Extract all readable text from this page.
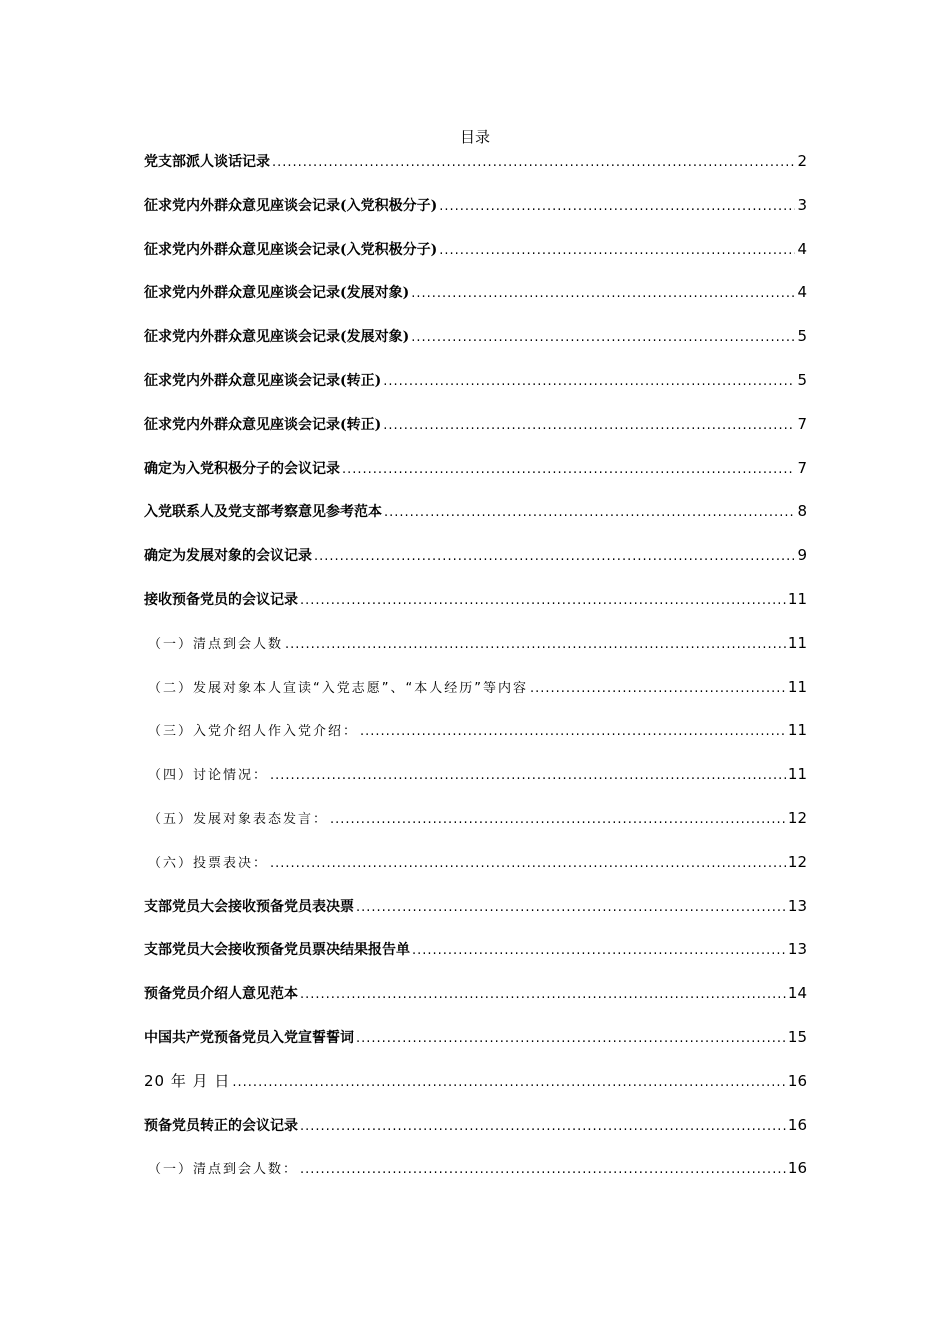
目录
党支部派人谈话记录 .....	2
征求党内外群众意见座谈会记录(入党积极分子) .....	3
征求党内外群众意见座谈会记录(入党积极分子) .....	4
征求党内外群众意见座谈会记录(发展对象) .....	4
征求党内外群众意见座谈会记录(发展对象) .....	5
征求党内外群众意见座谈会记录(转正) .....	5
征求党内外群众意见座谈会记录(转正) .....	7
确定为入党积极分子的会议记录 .....	7
入党联系人及党支部考察意见参考范本 .....	8
确定为发展对象的会议记录 .....	9
接收预备党员的会议记录 .....	11
（一）清点到会人数 .....	11
（二）发展对象本人宣读“入党志愿”、“本人经历”等内容 .....	11
（三）入党介绍人作入党介绍： .....	11
（四）讨论情况： .....	11
（五）发展对象表态发言： .....	12
（六）投票表决： .....	12
支部党员大会接收预备党员表决票 .....	13
支部党员大会接收预备党员票决结果报告单 .....	13
预备党员介绍人意见范本 .....	14
中国共产党预备党员入党宣誓誓词 .....	15
20 年 月 日 .....	16
预备党员转正的会议记录 .....	16
（一）清点到会人数： .....	16
